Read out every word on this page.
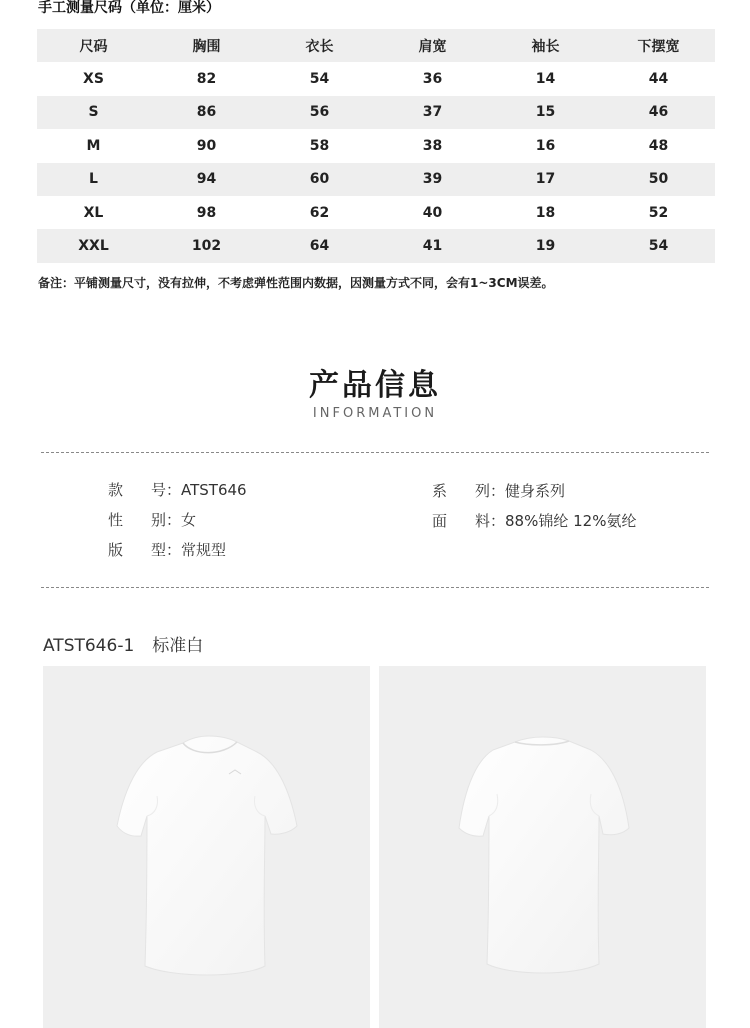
手工测量尺码（单位：厘米）
尺码	胸围	衣长	肩宽	袖长	下摆宽
XS	82	54	36	14	44
S	86	56	37	15	46
M	90	58	38	16	48
L	94	60	39	17	50
XL	98	62	40	18	52
XXL	102	64	41	19	54
备注：平铺测量尺寸，没有拉伸，不考虑弹性范围内数据，因测量方式不同，会有1~3CM误差。
产品信息
INFORMATION
款 号：ATST646
性 别：女
版 型：常规型
系 列：健身系列
面 料：88%锦纶 12%氨纶
ATST646-1 标准白
